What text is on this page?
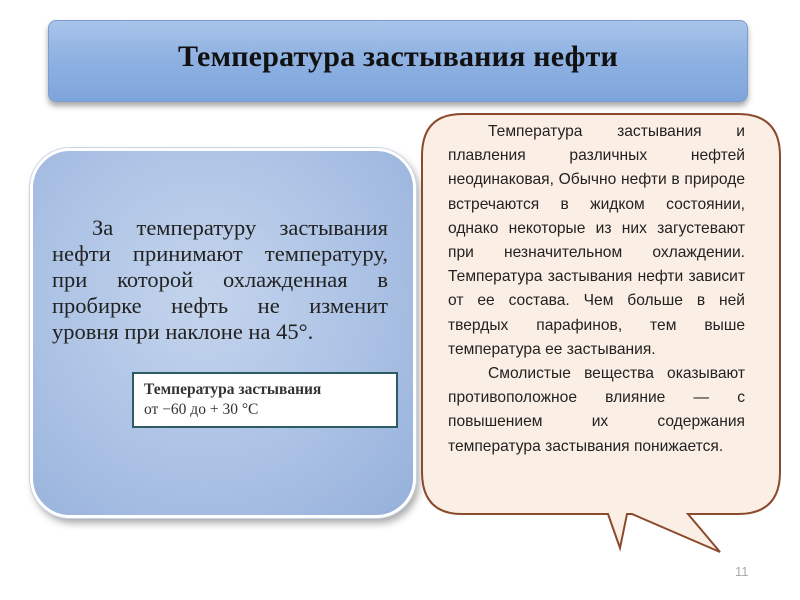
Температура застывания нефти
За температуру застывания нефти принимают температуру, при которой охлажденная в пробирке нефть не изменит уровня при наклоне на 45°.
Температура застывания
от −60 до + 30 °С

Температура застывания и плавления различных нефтей неодинаковая, Обычно нефти в природе встречаются в жидком состоянии, однако некоторые из них загустевают при незначительном охлаждении. Температура застывания нефти зависит от ее состава. Чем больше в ней твердых парафинов, тем выше температура ее застывания.

Смолистые вещества оказывают противоположное влияние — с повышением их содержания температура застывания понижается.

11
